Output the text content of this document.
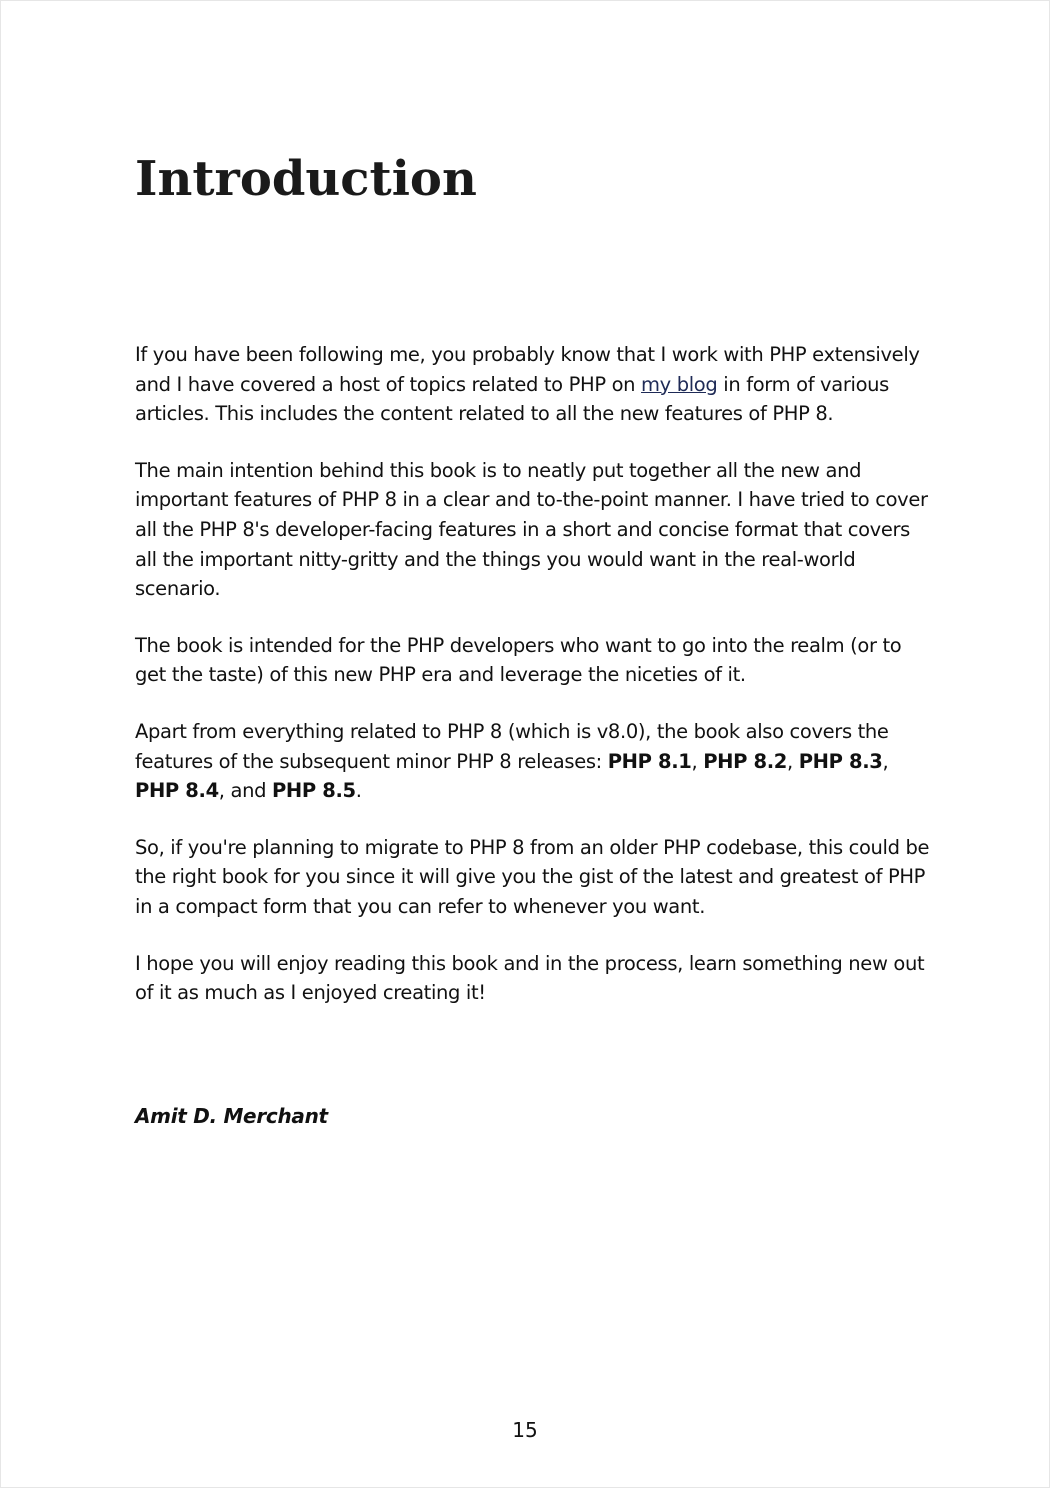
Introduction

If you have been following me, you probably know that I work with PHP extensively and I have covered a host of topics related to PHP on my blog in form of various articles. This includes the content related to all the new features of PHP 8.

The main intention behind this book is to neatly put together all the new and important features of PHP 8 in a clear and to-the-point manner. I have tried to cover all the PHP 8's developer-facing features in a short and concise format that covers all the important nitty-gritty and the things you would want in the real-world scenario.

The book is intended for the PHP developers who want to go into the realm (or to get the taste) of this new PHP era and leverage the niceties of it.

Apart from everything related to PHP 8 (which is v8.0), the book also covers the features of the subsequent minor PHP 8 releases: PHP 8.1, PHP 8.2, PHP 8.3, PHP 8.4, and PHP 8.5.

So, if you're planning to migrate to PHP 8 from an older PHP codebase, this could be the right book for you since it will give you the gist of the latest and greatest of PHP in a compact form that you can refer to whenever you want.

I hope you will enjoy reading this book and in the process, learn something new out of it as much as I enjoyed creating it!

Amit D. Merchant
15
